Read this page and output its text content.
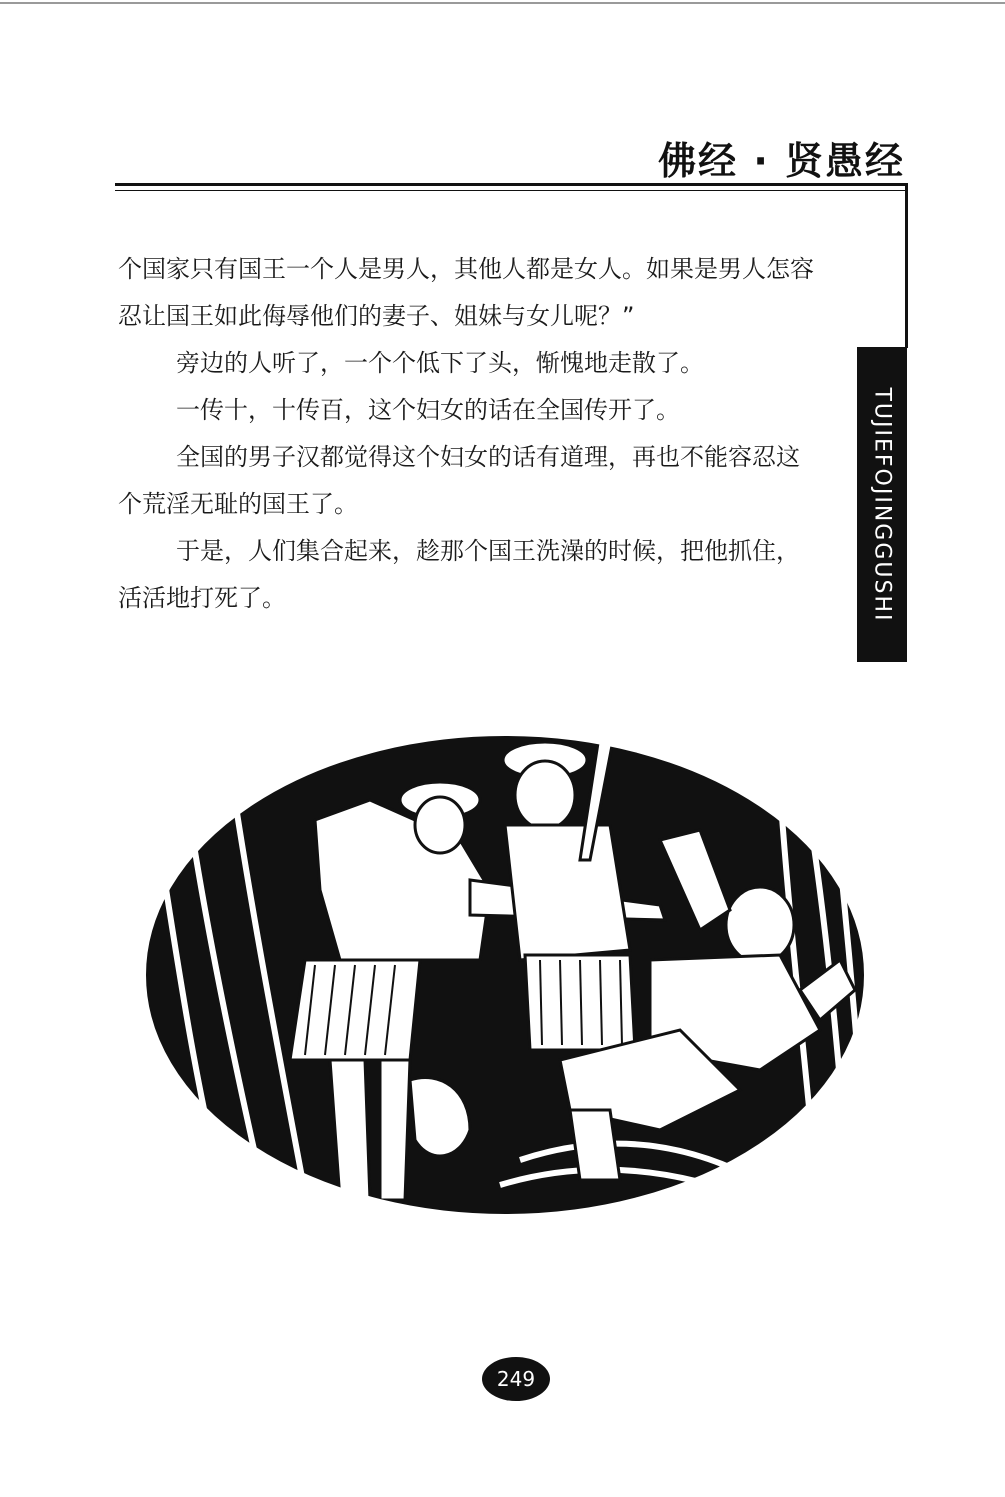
佛经 · 贤愚经
TUJIEFOJINGGUSHI

个国家只有国王一个人是男人，其他人都是女人。如果是男人怎容忍让国王如此侮辱他们的妻子、姐妹与女儿呢？”

旁边的人听了，一个个低下了头，惭愧地走散了。

一传十，十传百，这个妇女的话在全国传开了。

全国的男子汉都觉得这个妇女的话有道理，再也不能容忍这个荒淫无耻的国王了。

于是，人们集合起来，趁那个国王洗澡的时候，把他抓住，活活地打死了。

249
